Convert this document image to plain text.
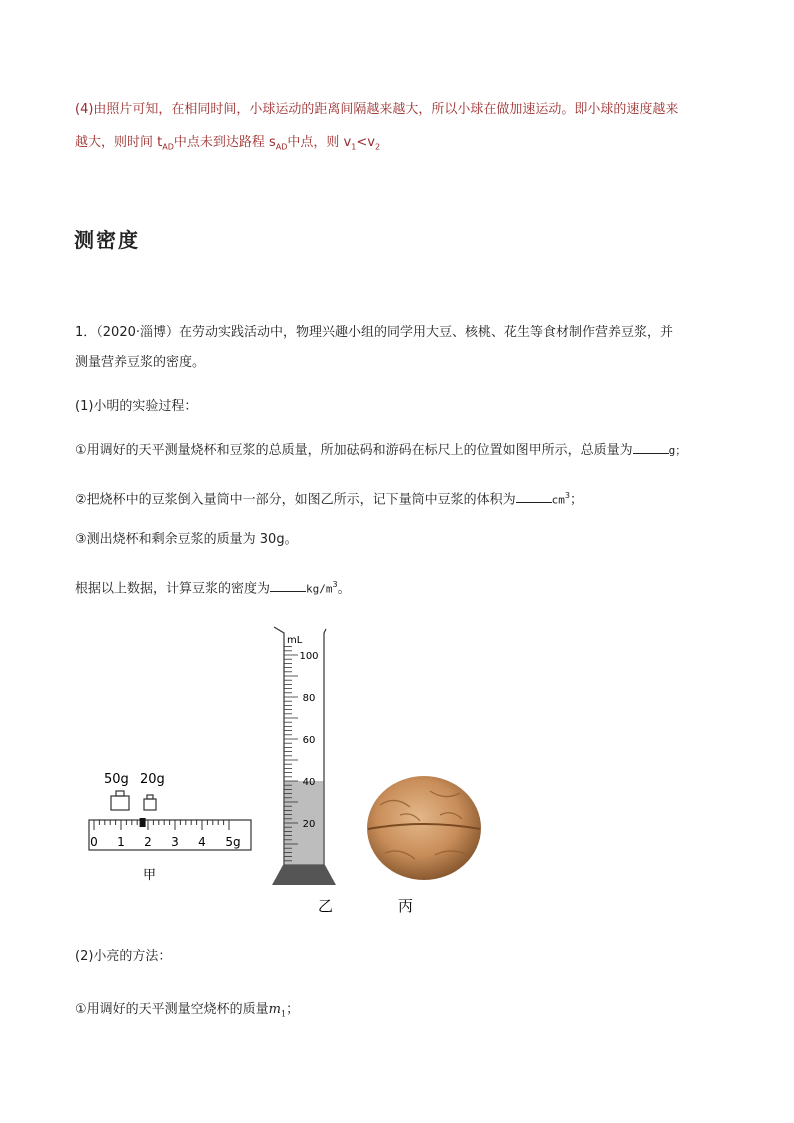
(4)由照片可知，在相同时间，小球运动的距离间隔越来越大，所以小球在做加速运动。即小球的速度越来
越大，则时间 $t_{AD}$中点未到达路程 $s_{AD}$中点，则 $v_1<v_2$
测密度
1．（2020·淄博）在劳动实践活动中，物理兴趣小组的同学用大豆、核桃、花生等食材制作营养豆浆，并
测量营养豆浆的密度。
(1)小明的实验过程：
①用调好的天平测量烧杯和豆浆的总质量，所加砝码和游码在标尺上的位置如图甲所示，总质量为	g；
②把烧杯中的豆浆倒入量筒中一部分，如图乙所示，记下量筒中豆浆的体积为	$cm^3$；
③测出烧杯和剩余豆浆的质量为 30g。
根据以上数据，计算豆浆的密度为	$kg/m^3$。
50g 20g
0 1 2 3 4 5g
甲
mL
100
80
60
40
20
乙	丙
(2)小亮的方法：
①用调好的天平测量空烧杯的质量$m_1$；
